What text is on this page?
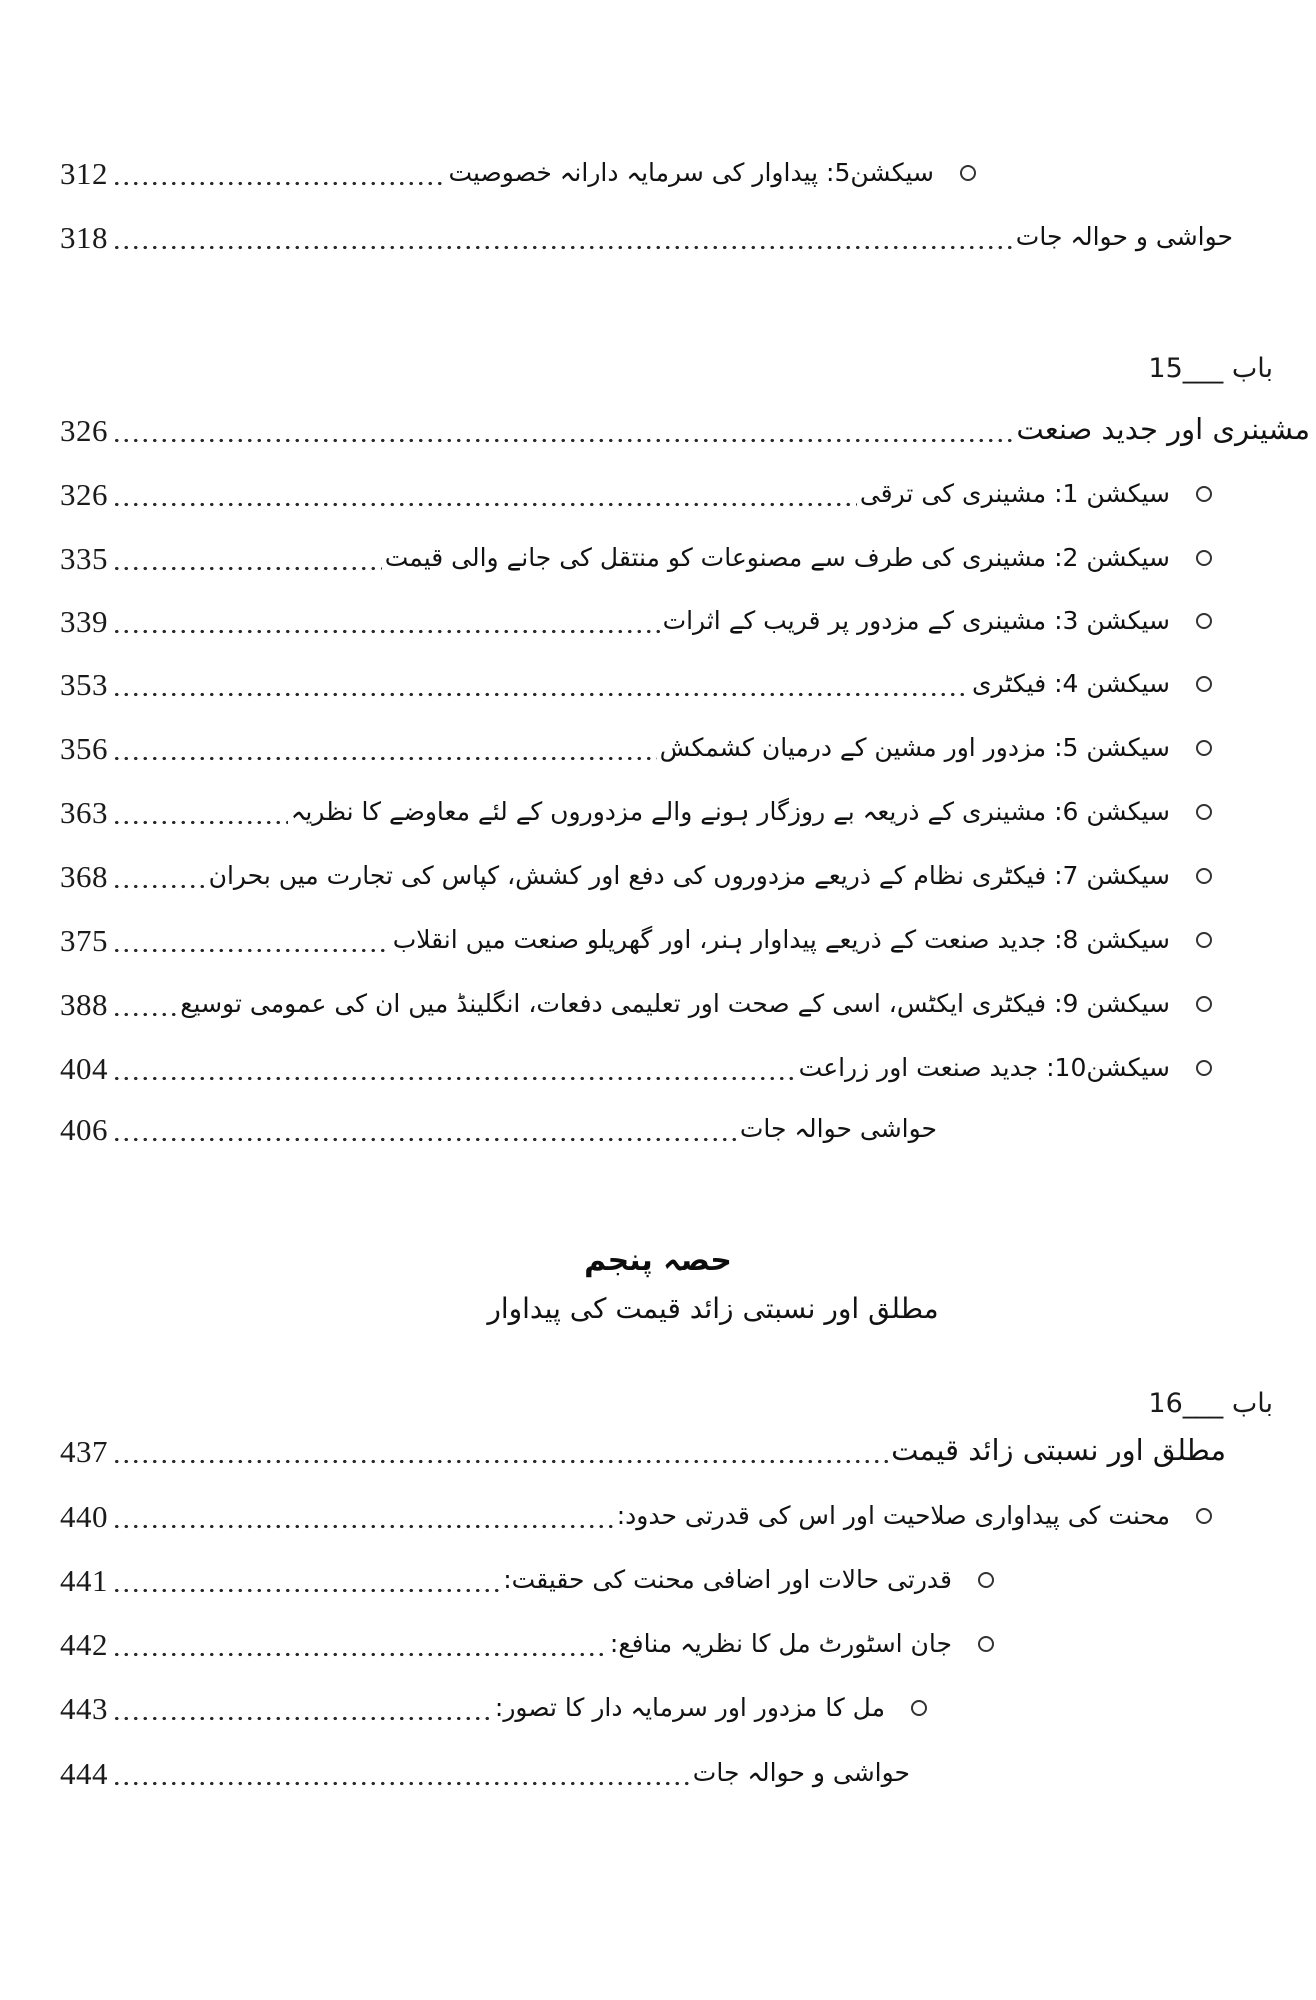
312	سیکشن5: پیداوار کی سرمایہ دارانہ خصوصیت
318	حواشی و حوالہ جات
باب ___15
326	مشینری اور جدید صنعت
326	سیکشن 1: مشینری کی ترقی
335	سیکشن 2: مشینری کی طرف سے مصنوعات کو منتقل کی جانے والی قیمت
339	سیکشن 3: مشینری کے مزدور پر قریب کے اثرات
353	سیکشن 4: فیکٹری
356	سیکشن 5: مزدور اور مشین کے درمیان کشمکش
363	سیکشن 6: مشینری کے ذریعہ بے روزگار ہونے والے مزدوروں کے لئے معاوضے کا نظریہ
368	سیکشن 7: فیکٹری نظام کے ذریعے مزدوروں کی دفع اور کشش، کپاس کی تجارت میں بحران
375	سیکشن 8: جدید صنعت کے ذریعے پیداوار ہنر، اور گھریلو صنعت میں انقلاب
388	سیکشن 9: فیکٹری ایکٹس، اسی کے صحت اور تعلیمی دفعات، انگلینڈ میں ان کی عمومی توسیع
404	سیکشن10: جدید صنعت اور زراعت
406	حواشی حوالہ جات
حصہ پنجم
مطلق اور نسبتی زائد قیمت کی پیداوار
باب ___16
437	مطلق اور نسبتی زائد قیمت
440	محنت کی پیداواری صلاحیت اور اس کی قدرتی حدود:
441	قدرتی حالات اور اضافی محنت کی حقیقت:
442	جان اسٹورٹ مل کا نظریہ منافع:
443	مل کا مزدور اور سرمایہ دار کا تصور:
444	حواشی و حوالہ جات
